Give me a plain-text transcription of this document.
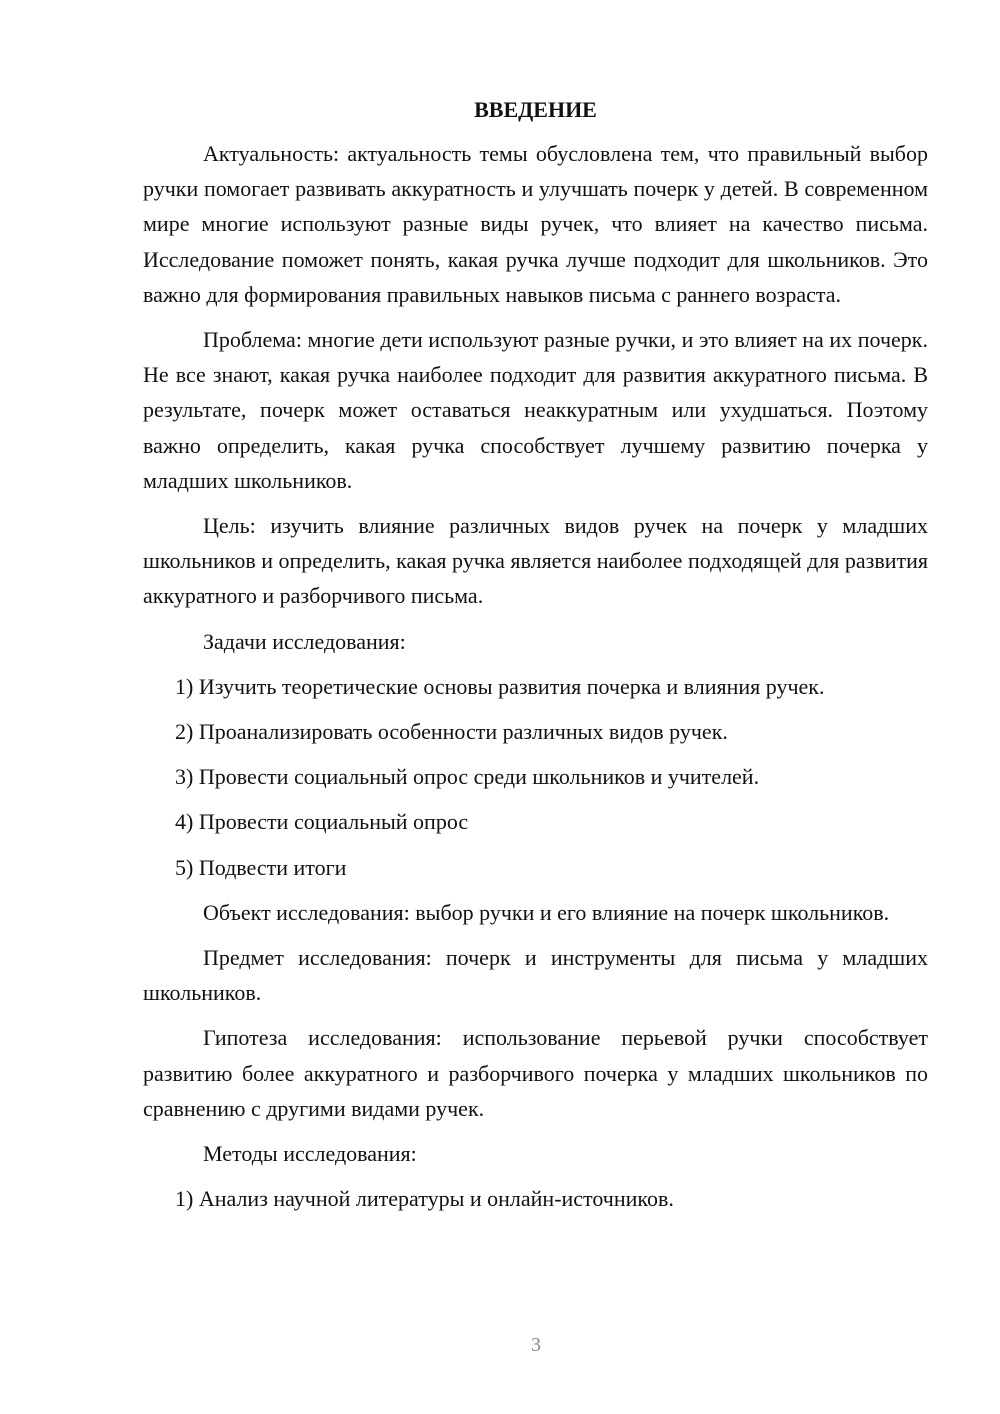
ВВЕДЕНИЕ

Актуальность: актуальность темы обусловлена тем, что правильный выбор ручки помогает развивать аккуратность и улучшать почерк у детей. В современном мире многие используют разные виды ручек, что влияет на качество письма. Исследование поможет понять, какая ручка лучше подходит для школьников. Это важно для формирования правильных навыков письма с раннего возраста.

Проблема: многие дети используют разные ручки, и это влияет на их почерк. Не все знают, какая ручка наиболее подходит для развития аккуратного письма. В результате, почерк может оставаться неаккуратным или ухудшаться. Поэтому важно определить, какая ручка способствует лучшему развитию почерка у младших школьников.

Цель: изучить влияние различных видов ручек на почерк у младших школьников и определить, какая ручка является наиболее подходящей для развития аккуратного и разборчивого письма.

Задачи исследования:

1) Изучить теоретические основы развития почерка и влияния ручек.
2) Проанализировать особенности различных видов ручек.
3) Провести социальный опрос среди школьников и учителей.
4) Провести социальный опрос
5) Подвести итоги

Объект исследования: выбор ручки и его влияние на почерк школьников.

Предмет исследования: почерк и инструменты для письма у младших школьников.

Гипотеза исследования: использование перьевой ручки способствует развитию более аккуратного и разборчивого почерка у младших школьников по сравнению с другими видами ручек.

Методы исследования:

1) Анализ научной литературы и онлайн-источников.
3
